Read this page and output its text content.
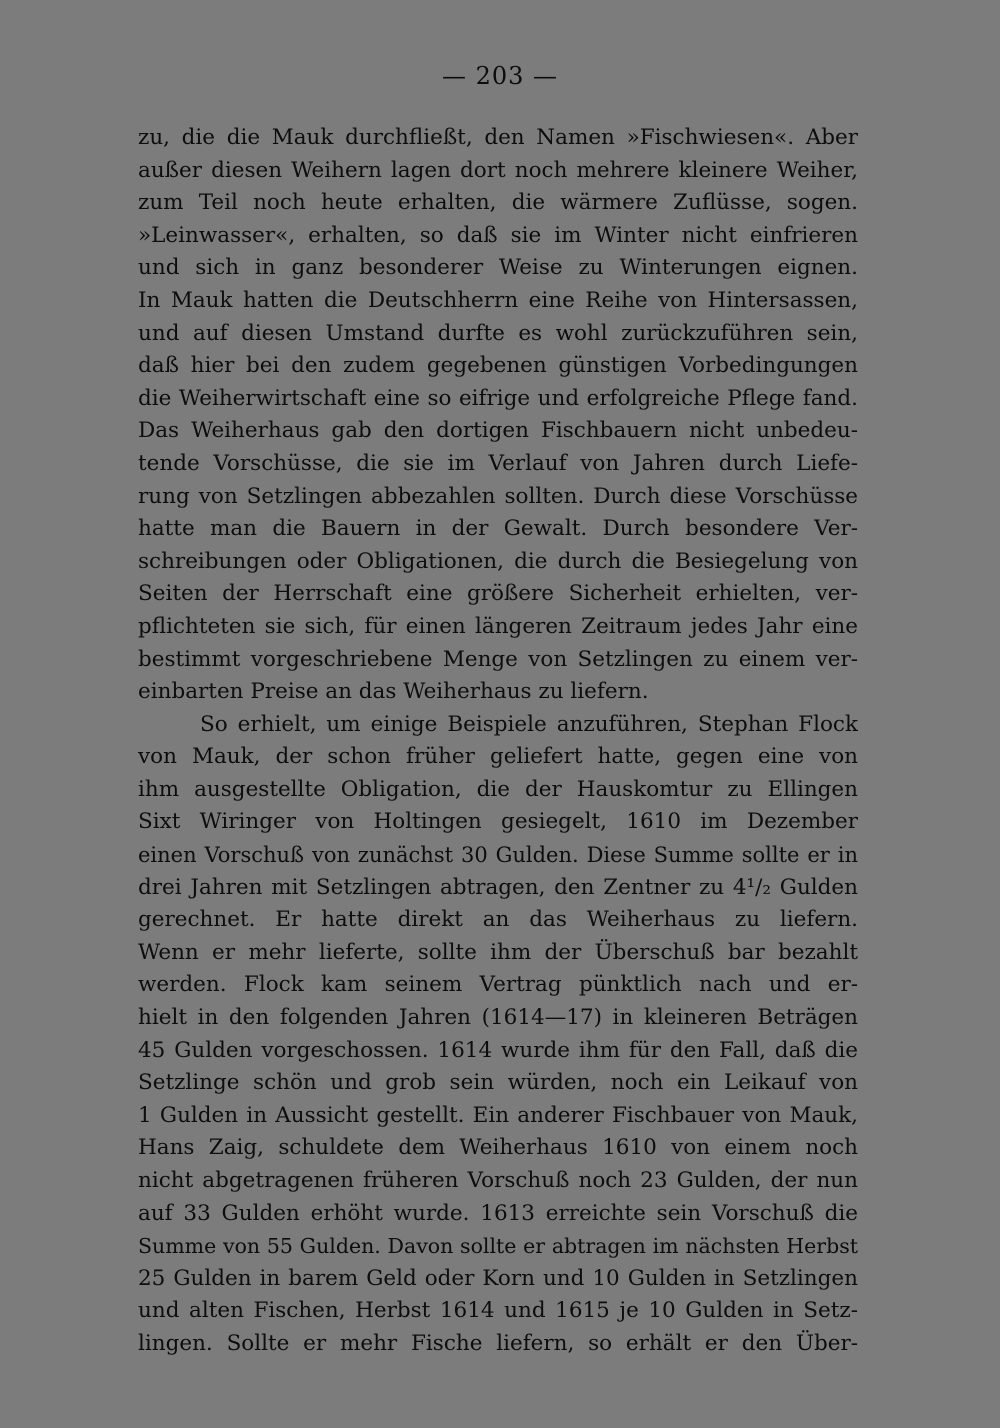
— 203 —
zu, die die Mauk durchfließt, den Namen »Fischwiesen«. Aber
außer diesen Weihern lagen dort noch mehrere kleinere Weiher,
zum Teil noch heute erhalten, die wärmere Zuflüsse, sogen.
»Leinwasser«, erhalten, so daß sie im Winter nicht einfrieren
und sich in ganz besonderer Weise zu Winterungen eignen.
In Mauk hatten die Deutschherrn eine Reihe von Hintersassen,
und auf diesen Umstand durfte es wohl zurückzuführen sein,
daß hier bei den zudem gegebenen günstigen Vorbedingungen
die Weiherwirtschaft eine so eifrige und erfolgreiche Pflege fand.
Das Weiherhaus gab den dortigen Fischbauern nicht unbedeu-
tende Vorschüsse, die sie im Verlauf von Jahren durch Liefe-
rung von Setzlingen abbezahlen sollten. Durch diese Vorschüsse
hatte man die Bauern in der Gewalt. Durch besondere Ver-
schreibungen oder Obligationen, die durch die Besiegelung von
Seiten der Herrschaft eine größere Sicherheit erhielten, ver-
pflichteten sie sich, für einen längeren Zeitraum jedes Jahr eine
bestimmt vorgeschriebene Menge von Setzlingen zu einem ver-
einbarten Preise an das Weiherhaus zu liefern.
So erhielt, um einige Beispiele anzuführen, Stephan Flock
von Mauk, der schon früher geliefert hatte, gegen eine von
ihm ausgestellte Obligation, die der Hauskomtur zu Ellingen
Sixt Wiringer von Holtingen gesiegelt, 1610 im Dezember
einen Vorschuß von zunächst 30 Gulden. Diese Summe sollte er in
drei Jahren mit Setzlingen abtragen, den Zentner zu 4¹/₂ Gulden
gerechnet. Er hatte direkt an das Weiherhaus zu liefern.
Wenn er mehr lieferte, sollte ihm der Überschuß bar bezahlt
werden. Flock kam seinem Vertrag pünktlich nach und er-
hielt in den folgenden Jahren (1614—17) in kleineren Beträgen
45 Gulden vorgeschossen. 1614 wurde ihm für den Fall, daß die
Setzlinge schön und grob sein würden, noch ein Leikauf von
1 Gulden in Aussicht gestellt. Ein anderer Fischbauer von Mauk,
Hans Zaig, schuldete dem Weiherhaus 1610 von einem noch
nicht abgetragenen früheren Vorschuß noch 23 Gulden, der nun
auf 33 Gulden erhöht wurde. 1613 erreichte sein Vorschuß die
Summe von 55 Gulden. Davon sollte er abtragen im nächsten Herbst
25 Gulden in barem Geld oder Korn und 10 Gulden in Setzlingen
und alten Fischen, Herbst 1614 und 1615 je 10 Gulden in Setz-
lingen. Sollte er mehr Fische liefern, so erhält er den Über-
